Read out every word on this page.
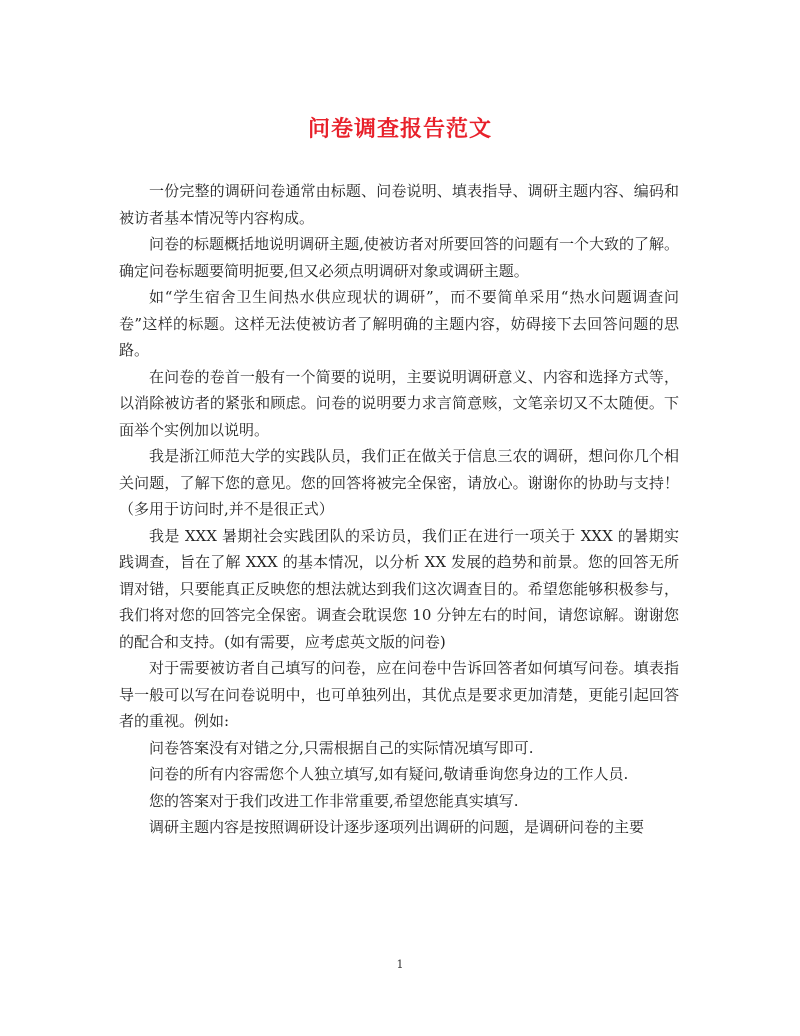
问卷调查报告范文

一份完整的调研问卷通常由标题、问卷说明、填表指导、调研主题内容、编码和被访者基本情况等内容构成。

问卷的标题概括地说明调研主题,使被访者对所要回答的问题有一个大致的了解。确定问卷标题要简明扼要,但又必须点明调研对象或调研主题。

如“学生宿舍卫生间热水供应现状的调研”，而不要简单采用“热水问题调查问卷”这样的标题。这样无法使被访者了解明确的主题内容，妨碍接下去回答问题的思路。

在问卷的卷首一般有一个简要的说明，主要说明调研意义、内容和选择方式等，以消除被访者的紧张和顾虑。问卷的说明要力求言简意赅，文笔亲切又不太随便。下面举个实例加以说明。

我是浙江师范大学的实践队员，我们正在做关于信息三农的调研，想问你几个相关问题，了解下您的意见。您的回答将被完全保密，请放心。谢谢你的协助与支持！（多用于访问时,并不是很正式）

我是 XXX 暑期社会实践团队的采访员，我们正在进行一项关于 XXX 的暑期实践调查，旨在了解 XXX 的基本情况，以分析 XX 发展的趋势和前景。您的回答无所谓对错，只要能真正反映您的想法就达到我们这次调查目的。希望您能够积极参与，我们将对您的回答完全保密。调查会耽误您 10 分钟左右的时间，请您谅解。谢谢您的配合和支持。(如有需要，应考虑英文版的问卷)

对于需要被访者自己填写的问卷，应在问卷中告诉回答者如何填写问卷。填表指导一般可以写在问卷说明中，也可单独列出，其优点是要求更加清楚，更能引起回答者的重视。例如:

问卷答案没有对错之分,只需根据自己的实际情况填写即可.

问卷的所有内容需您个人独立填写,如有疑问,敬请垂询您身边的工作人员.

您的答案对于我们改进工作非常重要,希望您能真实填写.

调研主题内容是按照调研设计逐步逐项列出调研的问题，是调研问卷的主要

1
